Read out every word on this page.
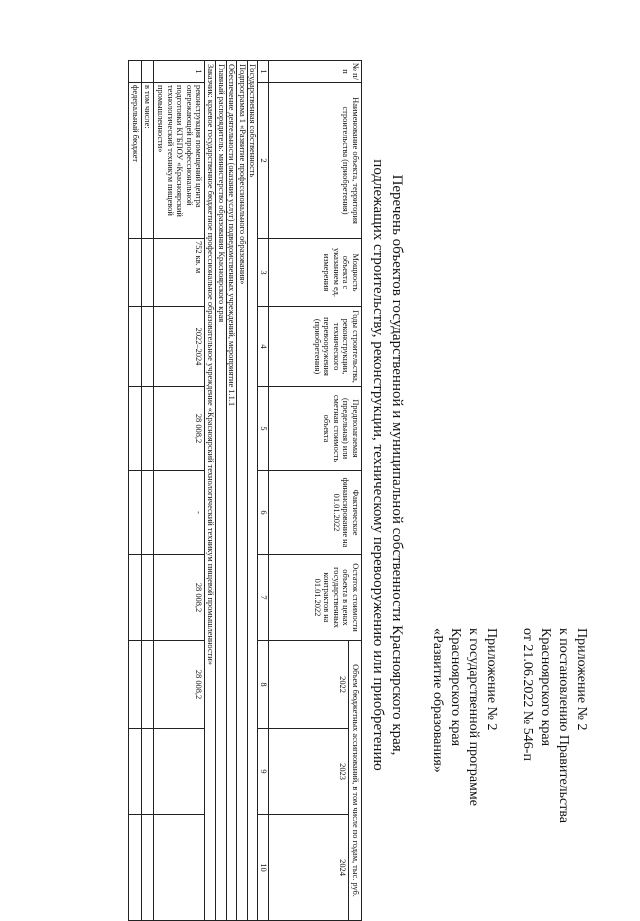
Приложение № 2
к постановлению Правительства
Красноярского края
от 21.06.2022 № 546-п
Приложение № 2
к государственной программе
Красноярского края
«Развитие образования»
Перечень объектов государственной и муниципальной собственности Красноярского края,
подлежащих строительству, реконструкции, техническому перевооружению или приобретению
№ п/п	Наименование объекта, территория строительства (приобретения)	Мощность объекта с указанием ед. измерения	Годы строительства, реконструкции, технического перевооружения (приобретения)	Предполагаемая (предельная) или сметная стоимость объекта	Фактическое финансирование на 01.01.2022	Остаток стоимости объекта в ценах государственных контрактов на 01.01.2022	Объем бюджетных ассигнований, в том числе по годам, тыс. руб.		
							2022	2023	2024
1	2	3	4	5	6	7	8	9	10
Государственная собственность									
Подпрограмма 1 «Развитие профессионального образования»									
Обеспечение деятельности (оказание услуг) подведомственных учреждений, мероприятие 1.1.1									
Главный распорядитель: министерство образования Красноярского края									
Заказчик: краевое государственное бюджетное профессиональное образовательное учреждение «Красноярский технологический техникум пищевой промышленности»									
1	реконструкция помещений центра опережающей профессиональной подготовки КГБПОУ «Красноярский технологический техникум пищевой промышленности»	752 кв. м	2022–2024	28 008,2	-	28 008,2	28 008,2		
	в том числе:								
	федеральный бюджет								
